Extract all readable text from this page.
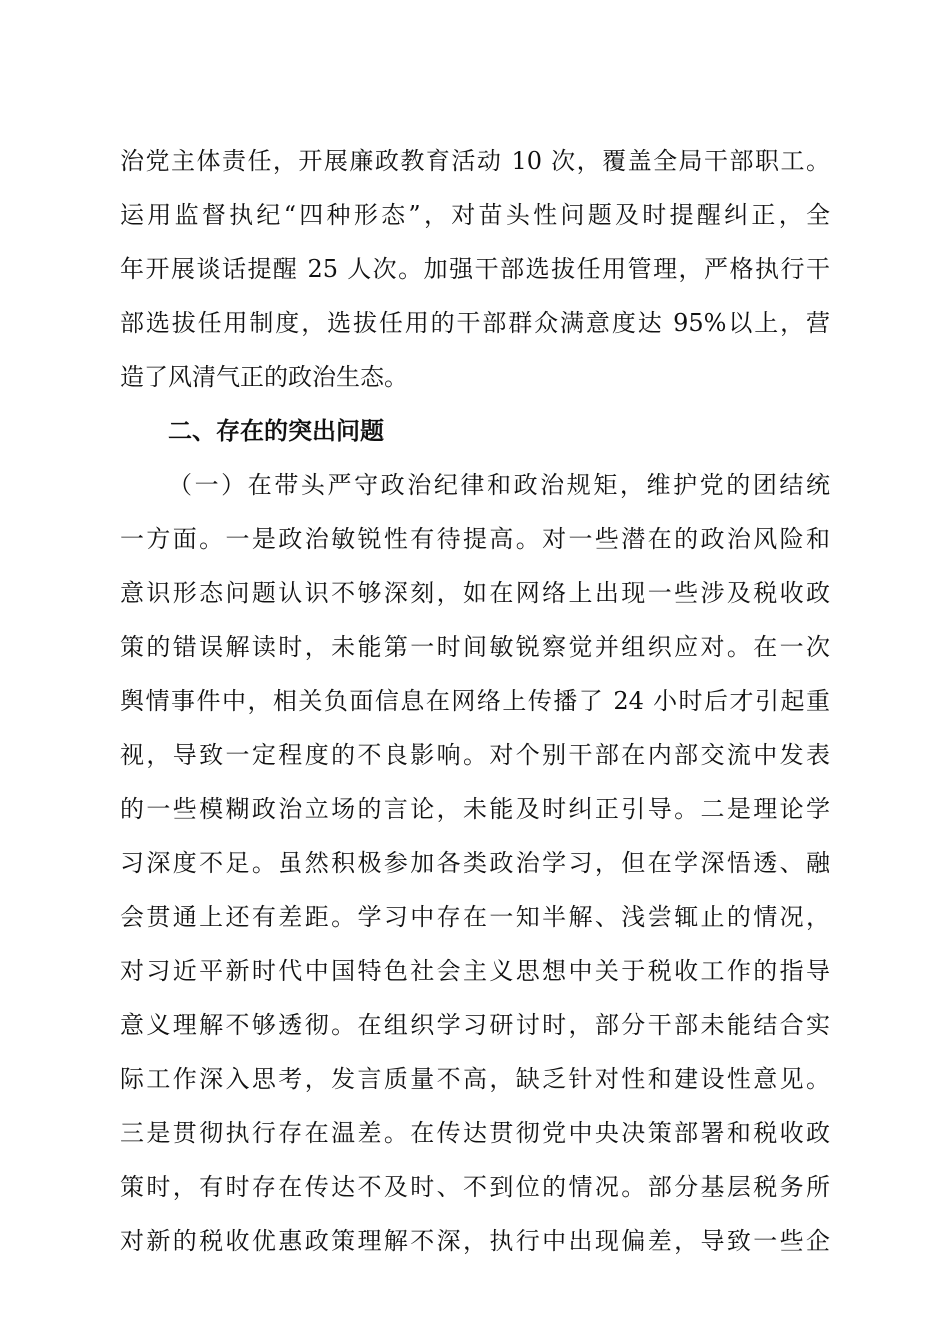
治党主体责任，开展廉政教育活动 10 次，覆盖全局干部职工。
运用监督执纪“四种形态”，对苗头性问题及时提醒纠正，全
年开展谈话提醒 25 人次。加强干部选拔任用管理，严格执行干
部选拔任用制度，选拔任用的干部群众满意度达 95%以上，营
造了风清气正的政治生态。
二、存在的突出问题
（一）在带头严守政治纪律和政治规矩，维护党的团结统
一方面。一是政治敏锐性有待提高。对一些潜在的政治风险和
意识形态问题认识不够深刻，如在网络上出现一些涉及税收政
策的错误解读时，未能第一时间敏锐察觉并组织应对。在一次
舆情事件中，相关负面信息在网络上传播了 24 小时后才引起重
视，导致一定程度的不良影响。对个别干部在内部交流中发表
的一些模糊政治立场的言论，未能及时纠正引导。二是理论学
习深度不足。虽然积极参加各类政治学习，但在学深悟透、融
会贯通上还有差距。学习中存在一知半解、浅尝辄止的情况，
对习近平新时代中国特色社会主义思想中关于税收工作的指导
意义理解不够透彻。在组织学习研讨时，部分干部未能结合实
际工作深入思考，发言质量不高，缺乏针对性和建设性意见。
三是贯彻执行存在温差。在传达贯彻党中央决策部署和税收政
策时，有时存在传达不及时、不到位的情况。部分基层税务所
对新的税收优惠政策理解不深，执行中出现偏差，导致一些企
